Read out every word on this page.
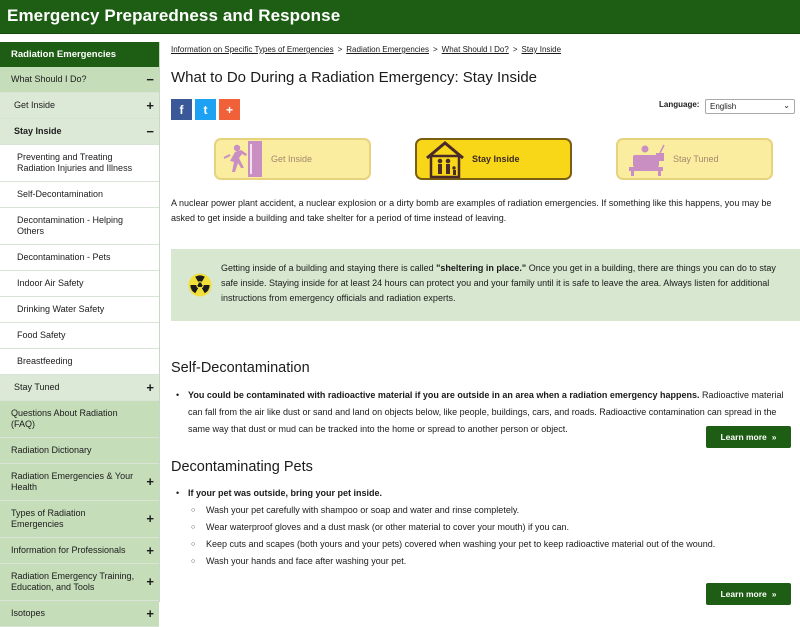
Emergency Preparedness and Response
Radiation Emergencies
What Should I Do?	−
Get Inside	+
Stay Inside	−
Preventing and Treating Radiation Injuries and Illness
Self-Decontamination
Decontamination - Helping Others
Decontamination - Pets
Indoor Air Safety
Drinking Water Safety
Food Safety
Breastfeeding
Stay Tuned	+
Questions About Radiation (FAQ)
Radiation Dictionary
Radiation Emergencies & Your Health	+
Types of Radiation Emergencies	+
Information for Professionals	+
Radiation Emergency Training, Education, and Tools	+
Isotopes	+
Information on Specific Types of Emergencies > Radiation Emergencies > What Should I Do? > Stay Inside
What to Do During a Radiation Emergency: Stay Inside
f	t	+	Language:	English	⌄
Get Inside	Stay Inside	Stay Tuned

A nuclear power plant accident, a nuclear explosion or a dirty bomb are examples of radiation emergencies. If something like this happens, you may be asked to get inside a building and take shelter for a period of time instead of leaving.

Getting inside of a building and staying there is called "sheltering in place." Once you get in a building, there are things you can do to stay safe inside. Staying inside for at least 24 hours can protect you and your family until it is safe to leave the area. Always listen for additional instructions from emergency officials and radiation experts.

Self-Decontamination
• You could be contaminated with radioactive material if you are outside in an area when a radiation emergency happens. Radioactive material can fall from the air like dust or sand and land on objects below, like people, buildings, cars, and roads. Radioactive contamination can spread in the same way that dust or mud can be tracked into the home or spread to another person or object.
Learn more »
Decontaminating Pets
• If your pet was outside, bring your pet inside.
○ Wash your pet carefully with shampoo or soap and water and rinse completely.
○ Wear waterproof gloves and a dust mask (or other material to cover your mouth) if you can.
○ Keep cuts and scapes (both yours and your pets) covered when washing your pet to keep radioactive material out of the wound.
○ Wash your hands and face after washing your pet.
Learn more »
